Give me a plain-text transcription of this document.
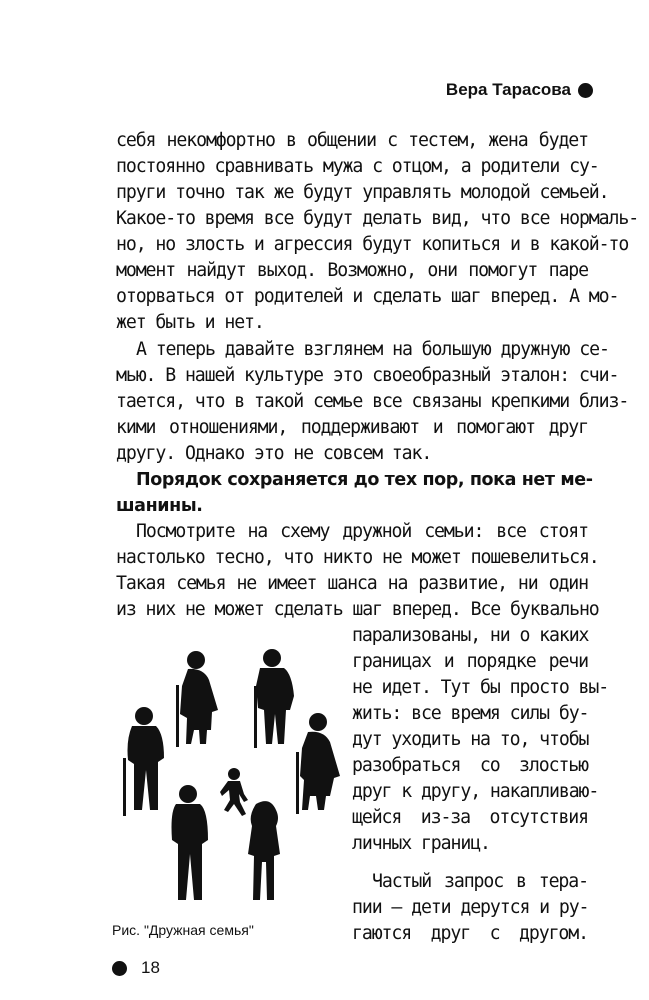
Вера Тарасова
себя некомфортно в общении с тестем, жена будет
постоянно сравнивать мужа с отцом, а родители су-
пруги точно так же будут управлять молодой семьей.
Какое-то время все будут делать вид, что все нормаль-
но, но злость и агрессия будут копиться и в какой-то
момент найдут выход. Возможно, они помогут паре
оторваться от родителей и сделать шаг вперед. А мо-
жет быть и нет.
А теперь давайте взглянем на большую дружную се-
мью. В нашей культуре это своеобразный эталон: счи-
тается, что в такой семье все связаны крепкими близ-
кими отношениями, поддерживают и помогают друг
другу. Однако это не совсем так.
Порядок сохраняется до тех пор, пока нет ме-
шанины.
Посмотрите на схему дружной семьи: все стоят
настолько тесно, что никто не может пошевелиться.
Такая семья не имеет шанса на развитие, ни один
из них не может сделать шаг вперед. Все буквально
парализованы, ни о каких
границах и порядке речи
не идет. Тут бы просто вы-
жить: все время силы бу-
дут уходить на то, чтобы
разобраться со злостью
друг к другу, накапливаю-
щейся из-за отсутствия
личных границ.
Частый запрос в тера-
пии — дети дерутся и ру-
гаются друг с другом.
Рис. "Дружная семья"
18
